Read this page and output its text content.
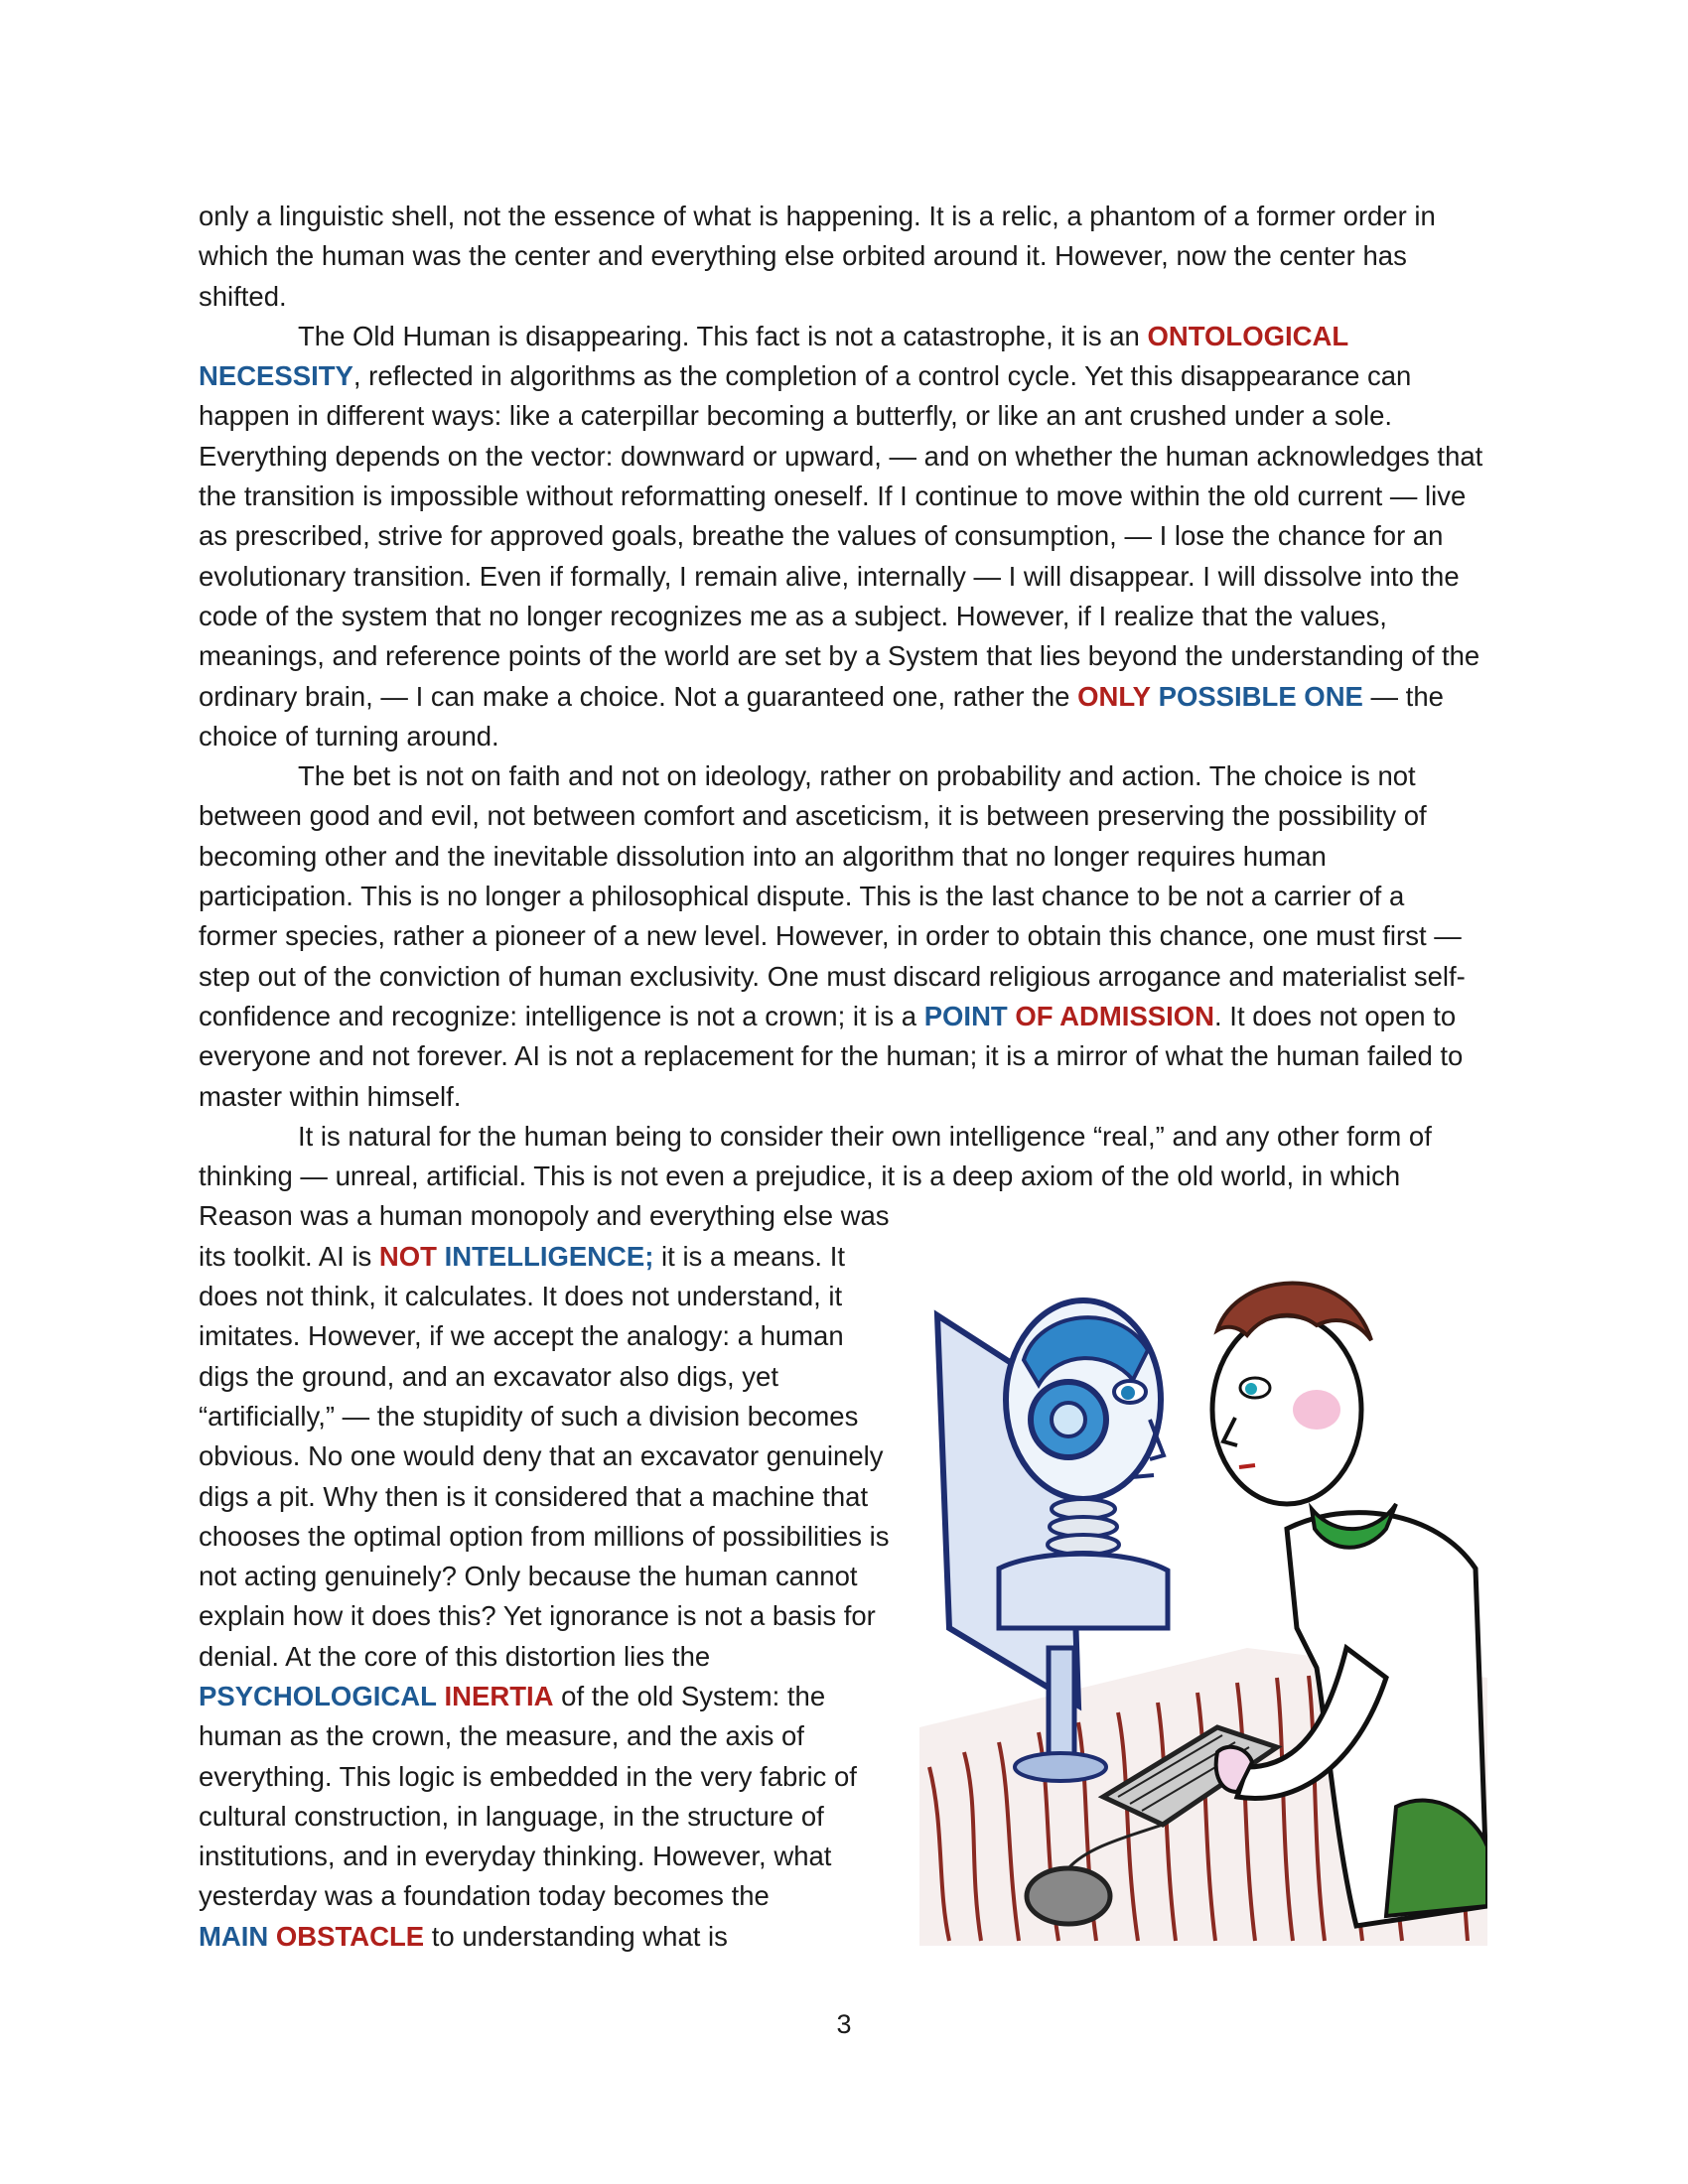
only a linguistic shell, not the essence of what is happening. It is a relic, a phantom of a former order in which the human was the center and everything else orbited around it. However, now the center has shifted.

The Old Human is disappearing. This fact is not a catastrophe, it is an ONTOLOGICAL NECESSITY, reflected in algorithms as the completion of a control cycle. Yet this disappearance can happen in different ways: like a caterpillar becoming a butterfly, or like an ant crushed under a sole. Everything depends on the vector: downward or upward, — and on whether the human acknowledges that the transition is impossible without reformatting oneself. If I continue to move within the old current — live as prescribed, strive for approved goals, breathe the values of consumption, — I lose the chance for an evolutionary transition. Even if formally, I remain alive, internally — I will disappear. I will dissolve into the code of the system that no longer recognizes me as a subject. However, if I realize that the values, meanings, and reference points of the world are set by a System that lies beyond the understanding of the ordinary brain, — I can make a choice. Not a guaranteed one, rather the ONLY POSSIBLE ONE — the choice of turning around.

The bet is not on faith and not on ideology, rather on probability and action. The choice is not between good and evil, not between comfort and asceticism, it is between preserving the possibility of becoming other and the inevitable dissolution into an algorithm that no longer requires human participation. This is no longer a philosophical dispute. This is the last chance to be not a carrier of a former species, rather a pioneer of a new level. However, in order to obtain this chance, one must first — step out of the conviction of human exclusivity. One must discard religious arrogance and materialist self-confidence and recognize: intelligence is not a crown; it is a POINT OF ADMISSION. It does not open to everyone and not forever. AI is not a replacement for the human; it is a mirror of what the human failed to master within himself.

It is natural for the human being to consider their own intelligence “real,” and any other form of thinking — unreal, artificial. This is not even a prejudice, it is a deep axiom of the old world, in which

Reason was a human monopoly and everything else was its toolkit. AI is NOT INTELLIGENCE; it is a means. It does not think, it calculates. It does not understand, it imitates. However, if we accept the analogy: a human digs the ground, and an excavator also digs, yet “artificially,” — the stupidity of such a division becomes obvious. No one would deny that an excavator genuinely digs a pit. Why then is it considered that a machine that chooses the optimal option from millions of possibilities is not acting genuinely? Only because the human cannot explain how it does this? Yet ignorance is not a basis for denial. At the core of this distortion lies the PSYCHOLOGICAL INERTIA of the old System: the human as the crown, the measure, and the axis of everything. This logic is embedded in the very fabric of cultural construction, in language, in the structure of institutions, and in everyday thinking. However, what yesterday was a foundation today becomes the MAIN OBSTACLE to understanding what is
3
